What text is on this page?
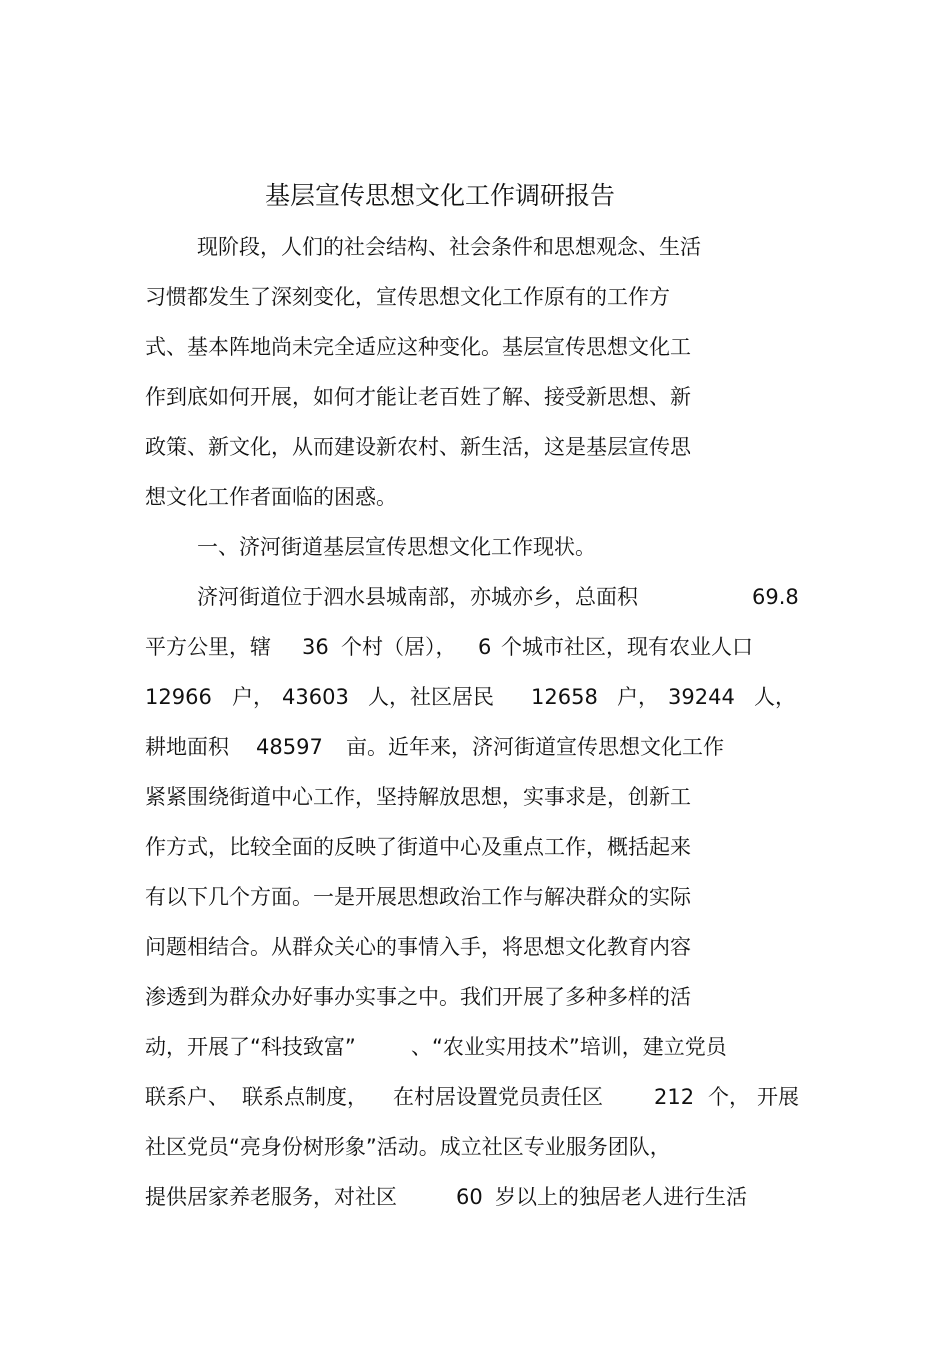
基层宣传思想文化工作调研报告
现阶段，人们的社会结构、社会条件和思想观念、生活
习惯都发生了深刻变化，宣传思想文化工作原有的工作方
式、基本阵地尚未完全适应这种变化。基层宣传思想文化工
作到底如何开展，如何才能让老百姓了解、接受新思想、新
政策、新文化，从而建设新农村、新生活，这是基层宣传思
想文化工作者面临的困惑。
一、济河街道基层宣传思想文化工作现状。
济河街道位于泗水县城南部，亦城亦乡，总面积	69.8
平方公里，辖 36 个村（居）， 6 个城市社区，现有农业人口
12966 户， 43603 人，社区居民 12658 户， 39244 人，
耕地面积 48597 亩。近年来，济河街道宣传思想文化工作
紧紧围绕街道中心工作，坚持解放思想，实事求是，创新工
作方式，比较全面的反映了街道中心及重点工作，概括起来
有以下几个方面。一是开展思想政治工作与解决群众的实际
问题相结合。从群众关心的事情入手，将思想文化教育内容
渗透到为群众办好事办实事之中。我们开展了多种多样的活
动，开展了“科技致富”	、“农业实用技术”培训，建立党员
联系户、 联系点制度， 在村居设置党员责任区 212 个， 开展
社区党员“亮身份树形象”活动。成立社区专业服务团队，
提供居家养老服务，对社区	60 岁以上的独居老人进行生活
